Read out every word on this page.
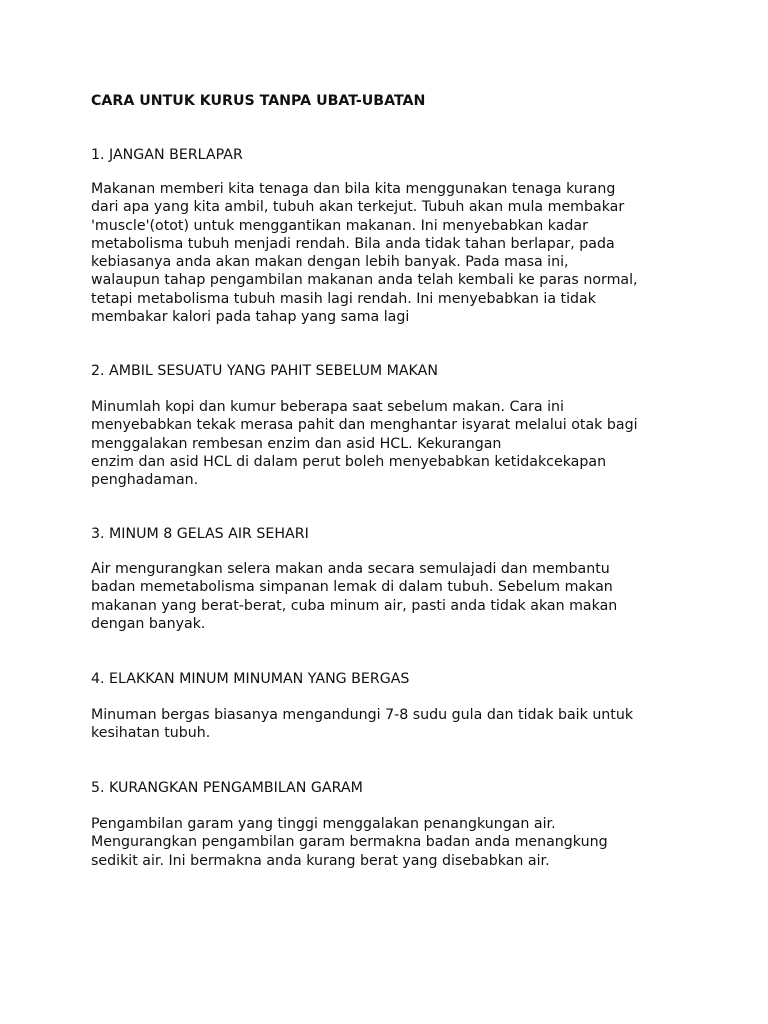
CARA UNTUK KURUS TANPA UBAT-UBATAN
1. JANGAN BERLAPAR
Makanan memberi kita tenaga dan bila kita menggunakan tenaga kurang
dari apa yang kita ambil, tubuh akan terkejut. Tubuh akan mula membakar
'muscle'(otot) untuk menggantikan makanan. Ini menyebabkan kadar
metabolisma tubuh menjadi rendah. Bila anda tidak tahan berlapar, pada
kebiasanya anda akan makan dengan lebih banyak. Pada masa ini,
walaupun tahap pengambilan makanan anda telah kembali ke paras normal,
tetapi metabolisma tubuh masih lagi rendah. Ini menyebabkan ia tidak
membakar kalori pada tahap yang sama lagi
2. AMBIL SESUATU YANG PAHIT SEBELUM MAKAN
Minumlah kopi dan kumur beberapa saat sebelum makan. Cara ini
menyebabkan tekak merasa pahit dan menghantar isyarat melalui otak bagi
menggalakan rembesan enzim dan asid HCL. Kekurangan
enzim dan asid HCL di dalam perut boleh menyebabkan ketidakcekapan
penghadaman.
3. MINUM 8 GELAS AIR SEHARI
Air mengurangkan selera makan anda secara semulajadi dan membantu
badan memetabolisma simpanan lemak di dalam tubuh. Sebelum makan
makanan yang berat-berat, cuba minum air, pasti anda tidak akan makan
dengan banyak.
4. ELAKKAN MINUM MINUMAN YANG BERGAS
Minuman bergas biasanya mengandungi 7-8 sudu gula dan tidak baik untuk
kesihatan tubuh.
5. KURANGKAN PENGAMBILAN GARAM
Pengambilan garam yang tinggi menggalakan penangkungan air.
Mengurangkan pengambilan garam bermakna badan anda menangkung
sedikit air. Ini bermakna anda kurang berat yang disebabkan air.
